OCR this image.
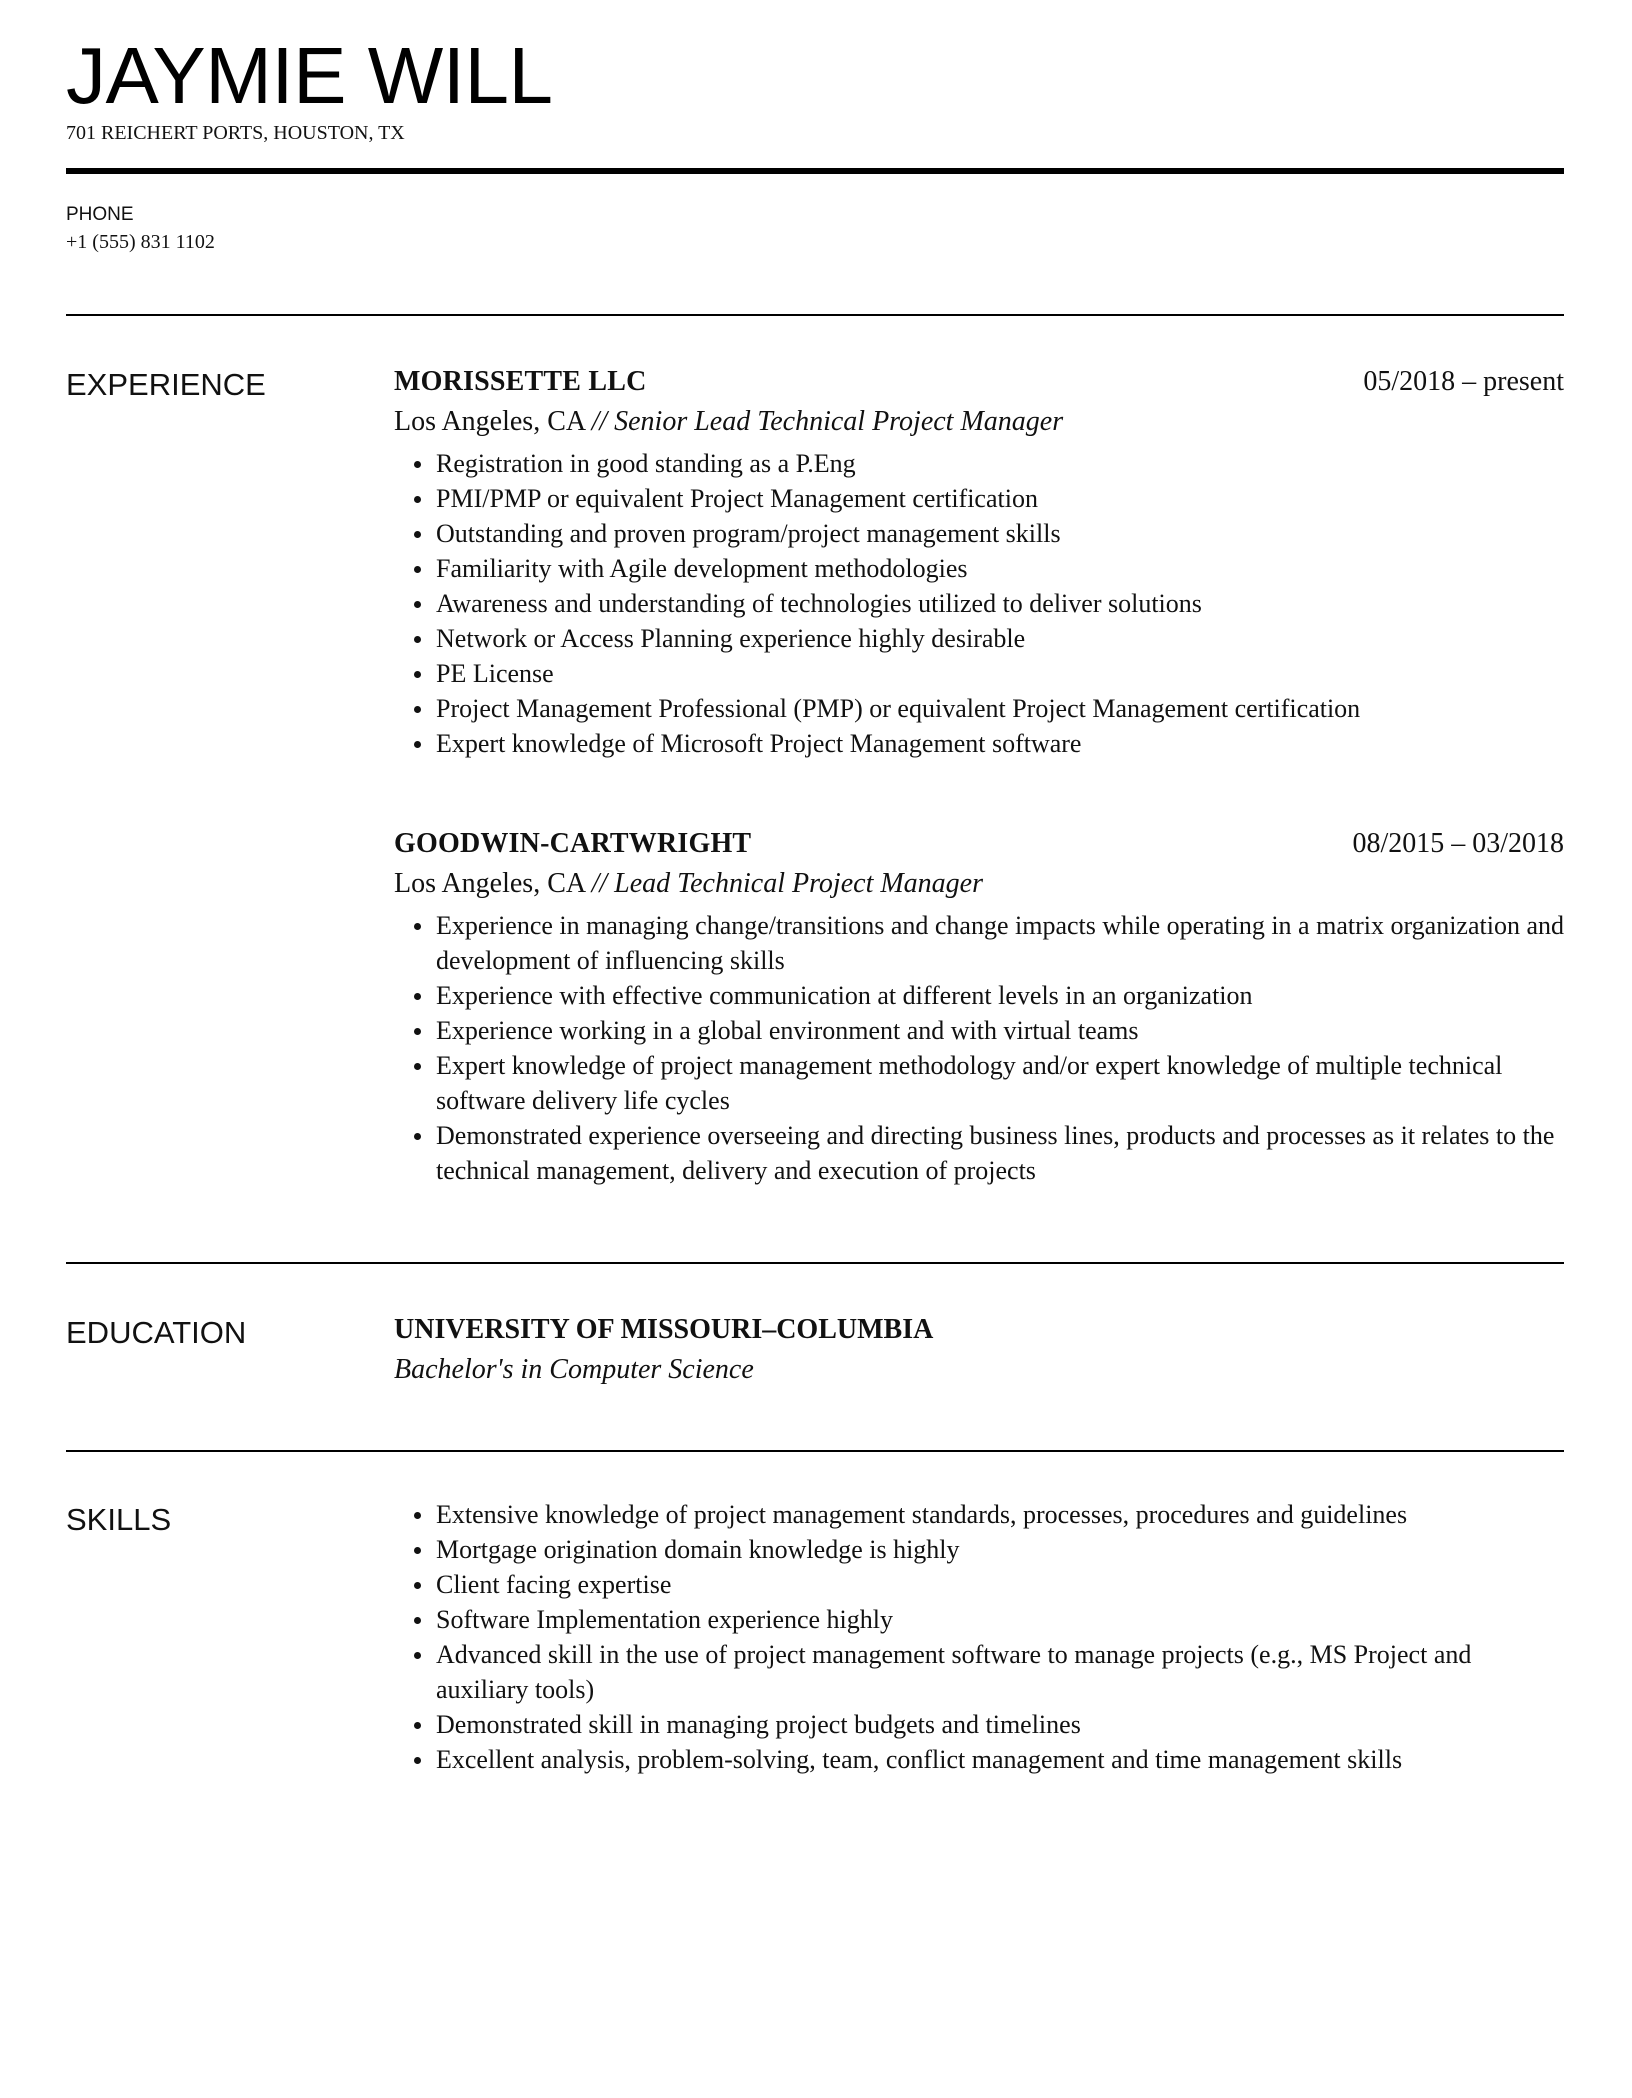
JAYMIE WILL
701 REICHERT PORTS, HOUSTON, TX
PHONE
+1 (555) 831 1102
EXPERIENCE	MORISSETTE LLC	05/2018 – present
Los Angeles, CA // Senior Lead Technical Project Manager
Registration in good standing as a P.Eng
PMI/PMP or equivalent Project Management certification
Outstanding and proven program/project management skills
Familiarity with Agile development methodologies
Awareness and understanding of technologies utilized to deliver solutions
Network or Access Planning experience highly desirable
PE License
Project Management Professional (PMP) or equivalent Project Management certification
Expert knowledge of Microsoft Project Management software
GOODWIN-CARTWRIGHT	08/2015 – 03/2018
Los Angeles, CA // Lead Technical Project Manager
Experience in managing change/transitions and change impacts while operating in a matrix organization and development of influencing skills
Experience with effective communication at different levels in an organization
Experience working in a global environment and with virtual teams
Expert knowledge of project management methodology and/or expert knowledge of multiple technical software delivery life cycles
Demonstrated experience overseeing and directing business lines, products and processes as it relates to the technical management, delivery and execution of projects
EDUCATION	UNIVERSITY OF MISSOURI–COLUMBIA
Bachelor's in Computer Science
SKILLS	Extensive knowledge of project management standards, processes, procedures and guidelines
Mortgage origination domain knowledge is highly
Client facing expertise
Software Implementation experience highly
Advanced skill in the use of project management software to manage projects (e.g., MS Project and auxiliary tools)
Demonstrated skill in managing project budgets and timelines
Excellent analysis, problem-solving, team, conflict management and time management skills
